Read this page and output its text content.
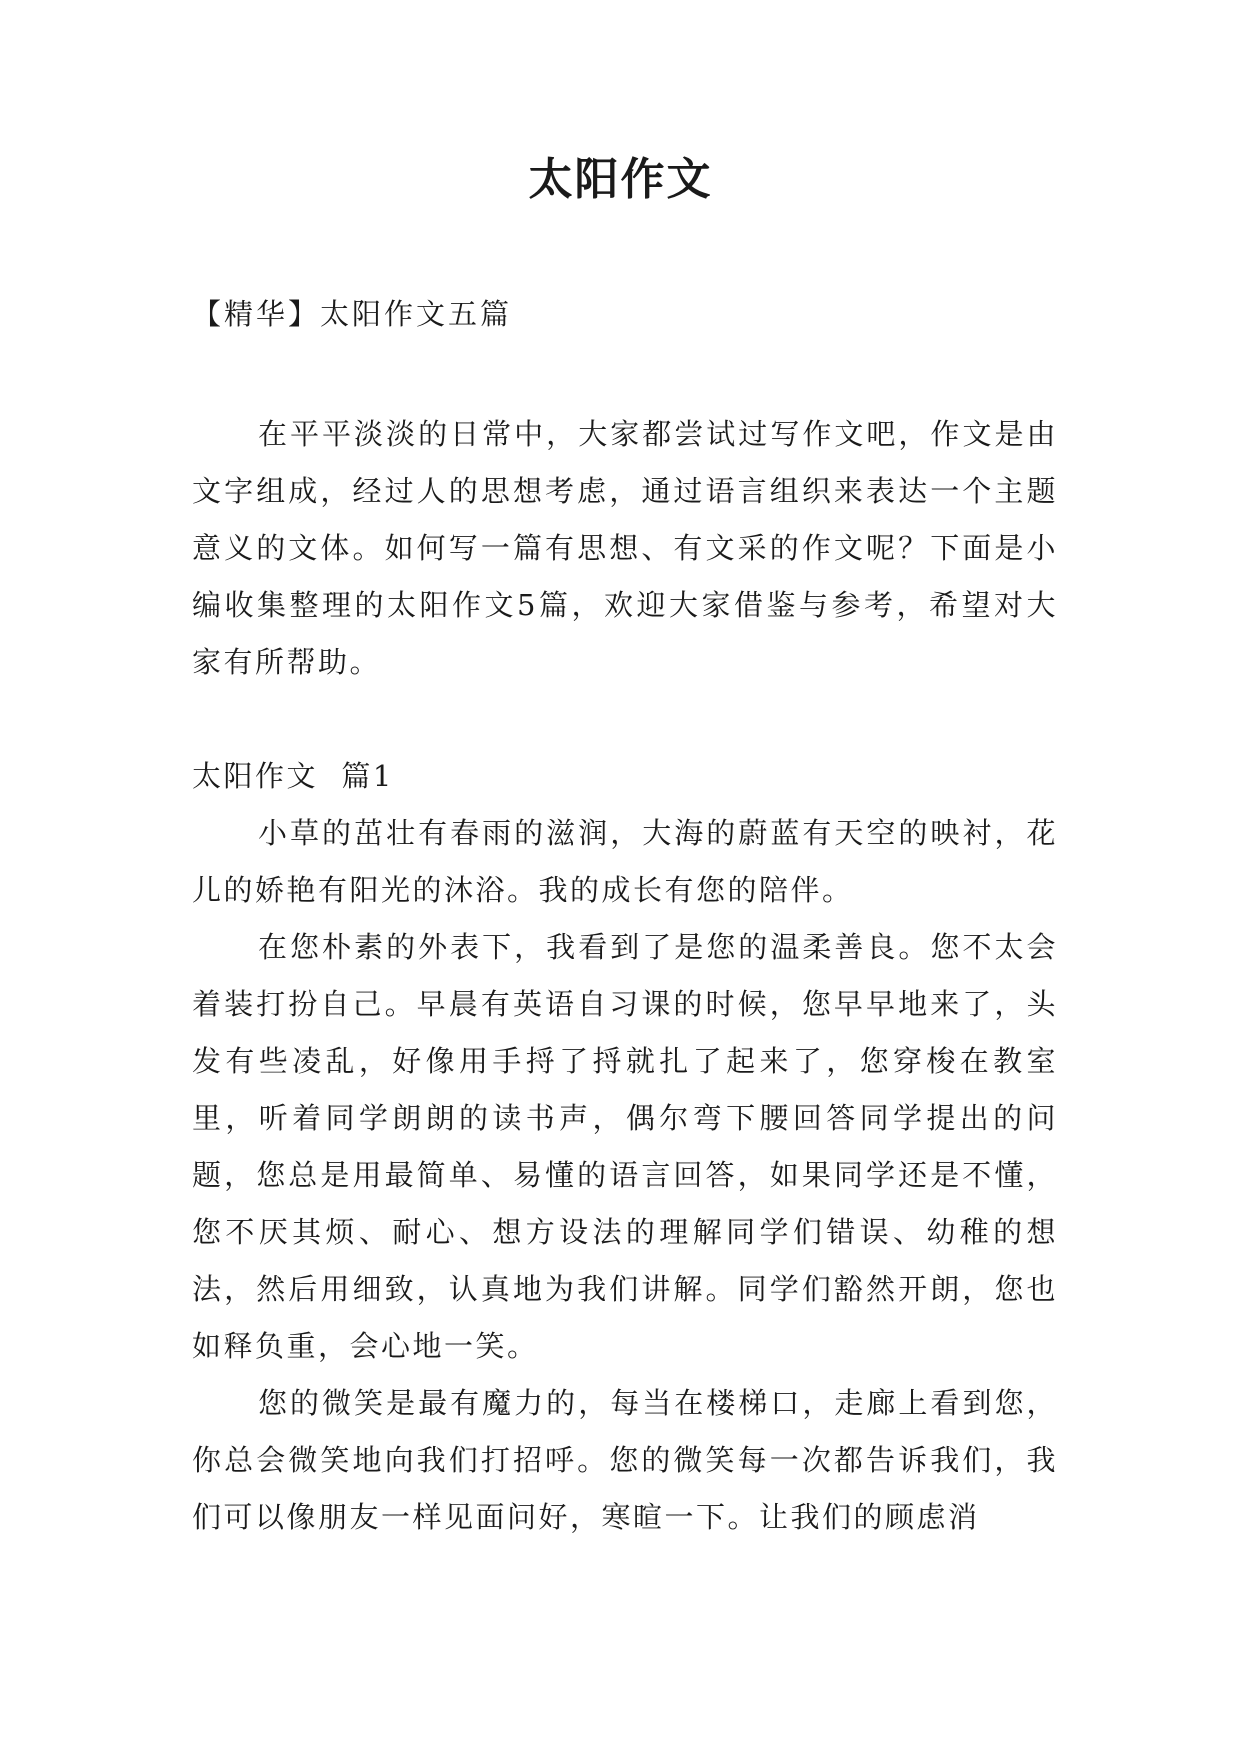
太阳作文

【精华】太阳作文五篇

在平平淡淡的日常中，大家都尝试过写作文吧，作文是由文字组成，经过人的思想考虑，通过语言组织来表达一个主题意义的文体。如何写一篇有思想、有文采的作文呢？下面是小编收集整理的太阳作文5篇，欢迎大家借鉴与参考，希望对大家有所帮助。

太阳作文  篇1

小草的茁壮有春雨的滋润，大海的蔚蓝有天空的映衬，花儿的娇艳有阳光的沐浴。我的成长有您的陪伴。

在您朴素的外表下，我看到了是您的温柔善良。您不太会着装打扮自己。早晨有英语自习课的时候，您早早地来了，头发有些凌乱，好像用手捋了捋就扎了起来了，您穿梭在教室里，听着同学朗朗的读书声，偶尔弯下腰回答同学提出的问题，您总是用最简单、易懂的语言回答，如果同学还是不懂，您不厌其烦、耐心、想方设法的理解同学们错误、幼稚的想法，然后用细致，认真地为我们讲解。同学们豁然开朗，您也如释负重，会心地一笑。

您的微笑是最有魔力的，每当在楼梯口，走廊上看到您，你总会微笑地向我们打招呼。您的微笑每一次都告诉我们，我们可以像朋友一样见面问好，寒暄一下。让我们的顾虑消
